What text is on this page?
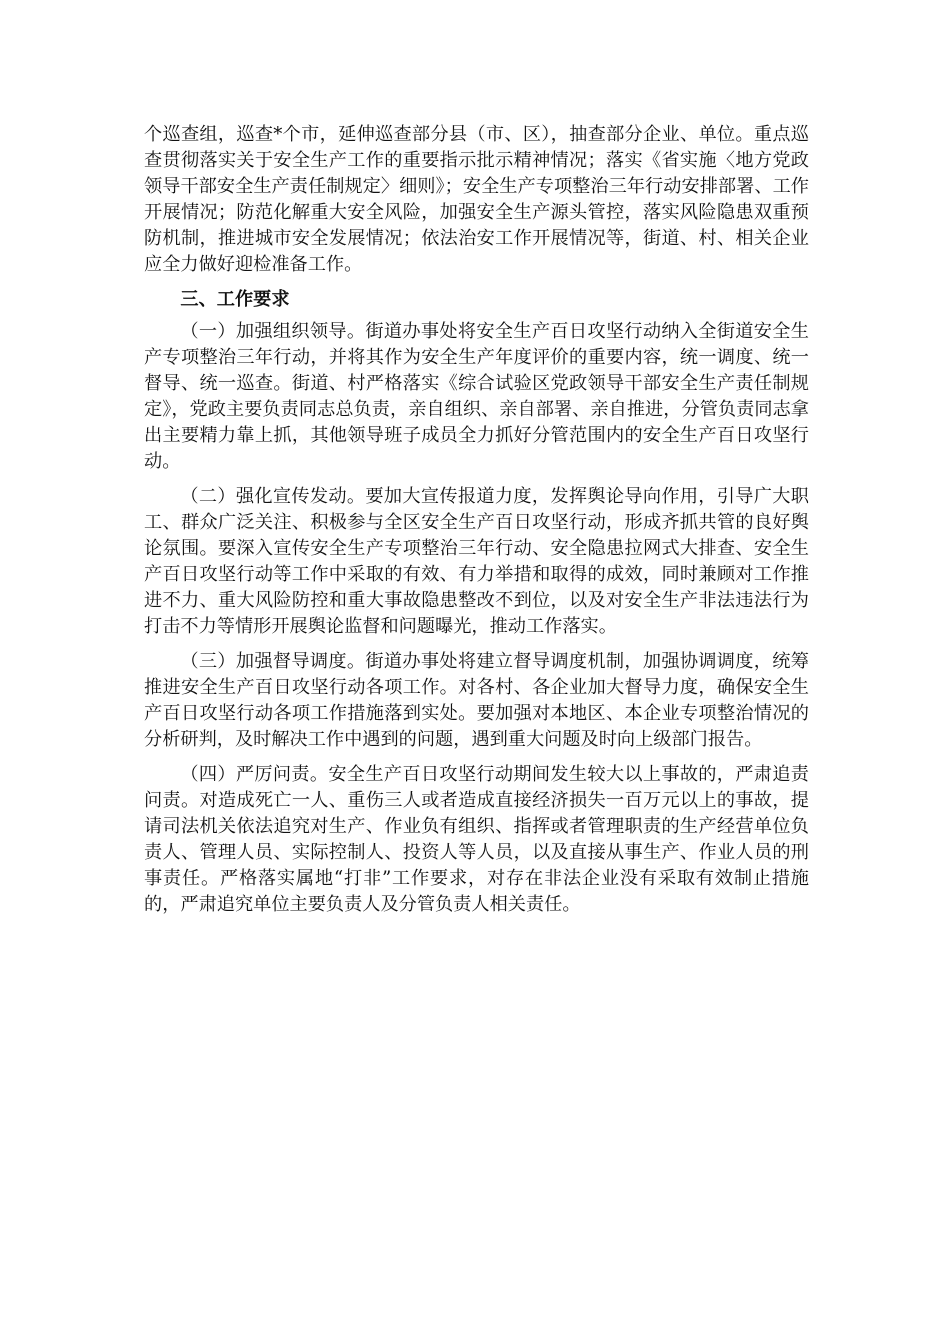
个巡查组，巡查*个市，延伸巡查部分县（市、区），抽查部分企业、单位。重点巡查贯彻落实关于安全生产工作的重要指示批示精神情况；落实《省实施〈地方党政领导干部安全生产责任制规定〉细则》；安全生产专项整治三年行动安排部署、工作开展情况；防范化解重大安全风险，加强安全生产源头管控，落实风险隐患双重预防机制，推进城市安全发展情况；依法治安工作开展情况等，街道、村、相关企业应全力做好迎检准备工作。

三、工作要求

（一）加强组织领导。街道办事处将安全生产百日攻坚行动纳入全街道安全生产专项整治三年行动，并将其作为安全生产年度评价的重要内容，统一调度、统一督导、统一巡查。街道、村严格落实《综合试验区党政领导干部安全生产责任制规定》，党政主要负责同志总负责，亲自组织、亲自部署、亲自推进，分管负责同志拿出主要精力靠上抓，其他领导班子成员全力抓好分管范围内的安全生产百日攻坚行动。

（二）强化宣传发动。要加大宣传报道力度，发挥舆论导向作用，引导广大职工、群众广泛关注、积极参与全区安全生产百日攻坚行动，形成齐抓共管的良好舆论氛围。要深入宣传安全生产专项整治三年行动、安全隐患拉网式大排查、安全生产百日攻坚行动等工作中采取的有效、有力举措和取得的成效，同时兼顾对工作推进不力、重大风险防控和重大事故隐患整改不到位，以及对安全生产非法违法行为打击不力等情形开展舆论监督和问题曝光，推动工作落实。

（三）加强督导调度。街道办事处将建立督导调度机制，加强协调调度，统筹推进安全生产百日攻坚行动各项工作。对各村、各企业加大督导力度，确保安全生产百日攻坚行动各项工作措施落到实处。要加强对本地区、本企业专项整治情况的分析研判，及时解决工作中遇到的问题，遇到重大问题及时向上级部门报告。

（四）严厉问责。安全生产百日攻坚行动期间发生较大以上事故的，严肃追责问责。对造成死亡一人、重伤三人或者造成直接经济损失一百万元以上的事故，提请司法机关依法追究对生产、作业负有组织、指挥或者管理职责的生产经营单位负责人、管理人员、实际控制人、投资人等人员，以及直接从事生产、作业人员的刑事责任。严格落实属地“打非”工作要求，对存在非法企业没有采取有效制止措施的，严肃追究单位主要负责人及分管负责人相关责任。
